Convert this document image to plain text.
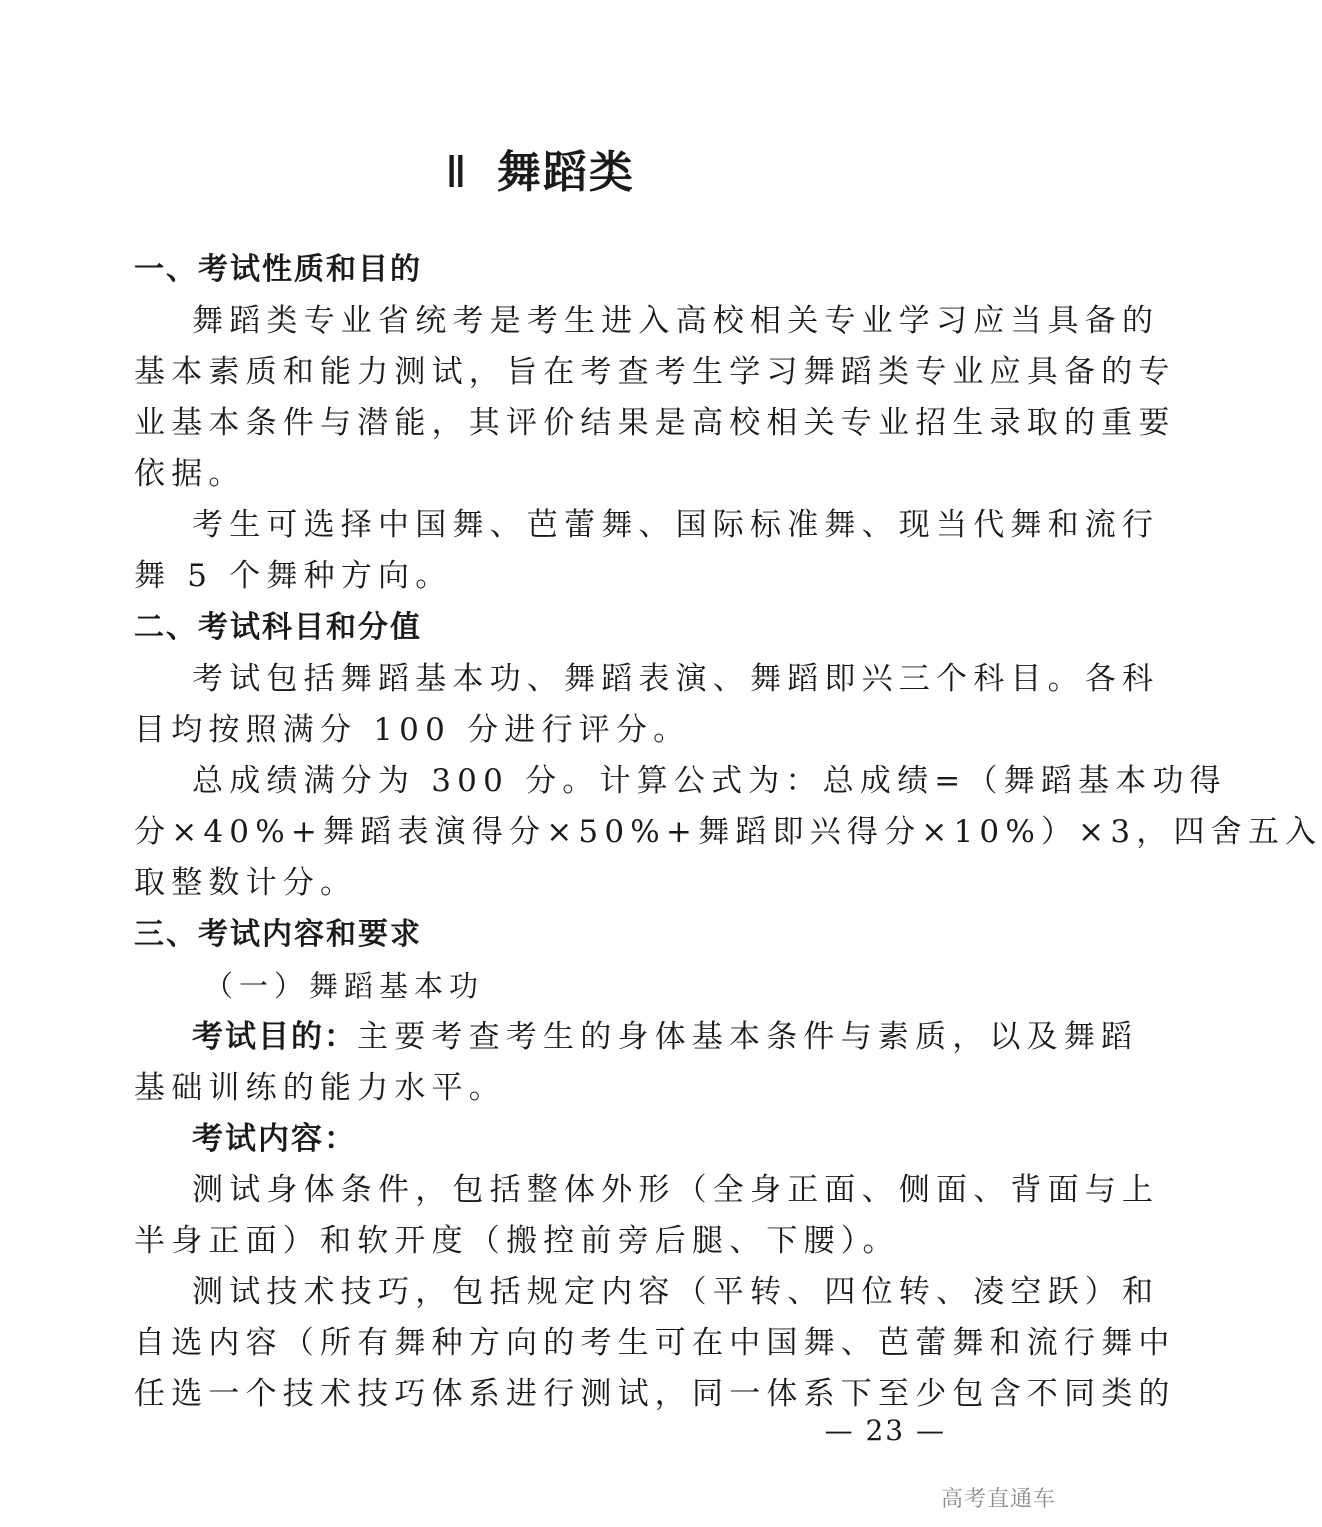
Ⅱ 舞蹈类
一、考试性质和目的
舞蹈类专业省统考是考生进入高校相关专业学习应当具备的
基本素质和能力测试，旨在考查考生学习舞蹈类专业应具备的专
业基本条件与潜能，其评价结果是高校相关专业招生录取的重要
依据。
考生可选择中国舞、芭蕾舞、国际标准舞、现当代舞和流行
舞 5 个舞种方向。
二、考试科目和分值
考试包括舞蹈基本功、舞蹈表演、舞蹈即兴三个科目。各科
目均按照满分 100 分进行评分。
总成绩满分为 300 分。计算公式为：总成绩=（舞蹈基本功得
分×40%+舞蹈表演得分×50%+舞蹈即兴得分×10%）×3，四舍五入
取整数计分。
三、考试内容和要求
（一）舞蹈基本功
考试目的：主要考查考生的身体基本条件与素质，以及舞蹈
基础训练的能力水平。
考试内容：
测试身体条件，包括整体外形（全身正面、侧面、背面与上
半身正面）和软开度（搬控前旁后腿、下腰）。
测试技术技巧，包括规定内容（平转、四位转、凌空跃）和
自选内容（所有舞种方向的考生可在中国舞、芭蕾舞和流行舞中
任选一个技术技巧体系进行测试，同一体系下至少包含不同类的
— 23 —
高考直通车
